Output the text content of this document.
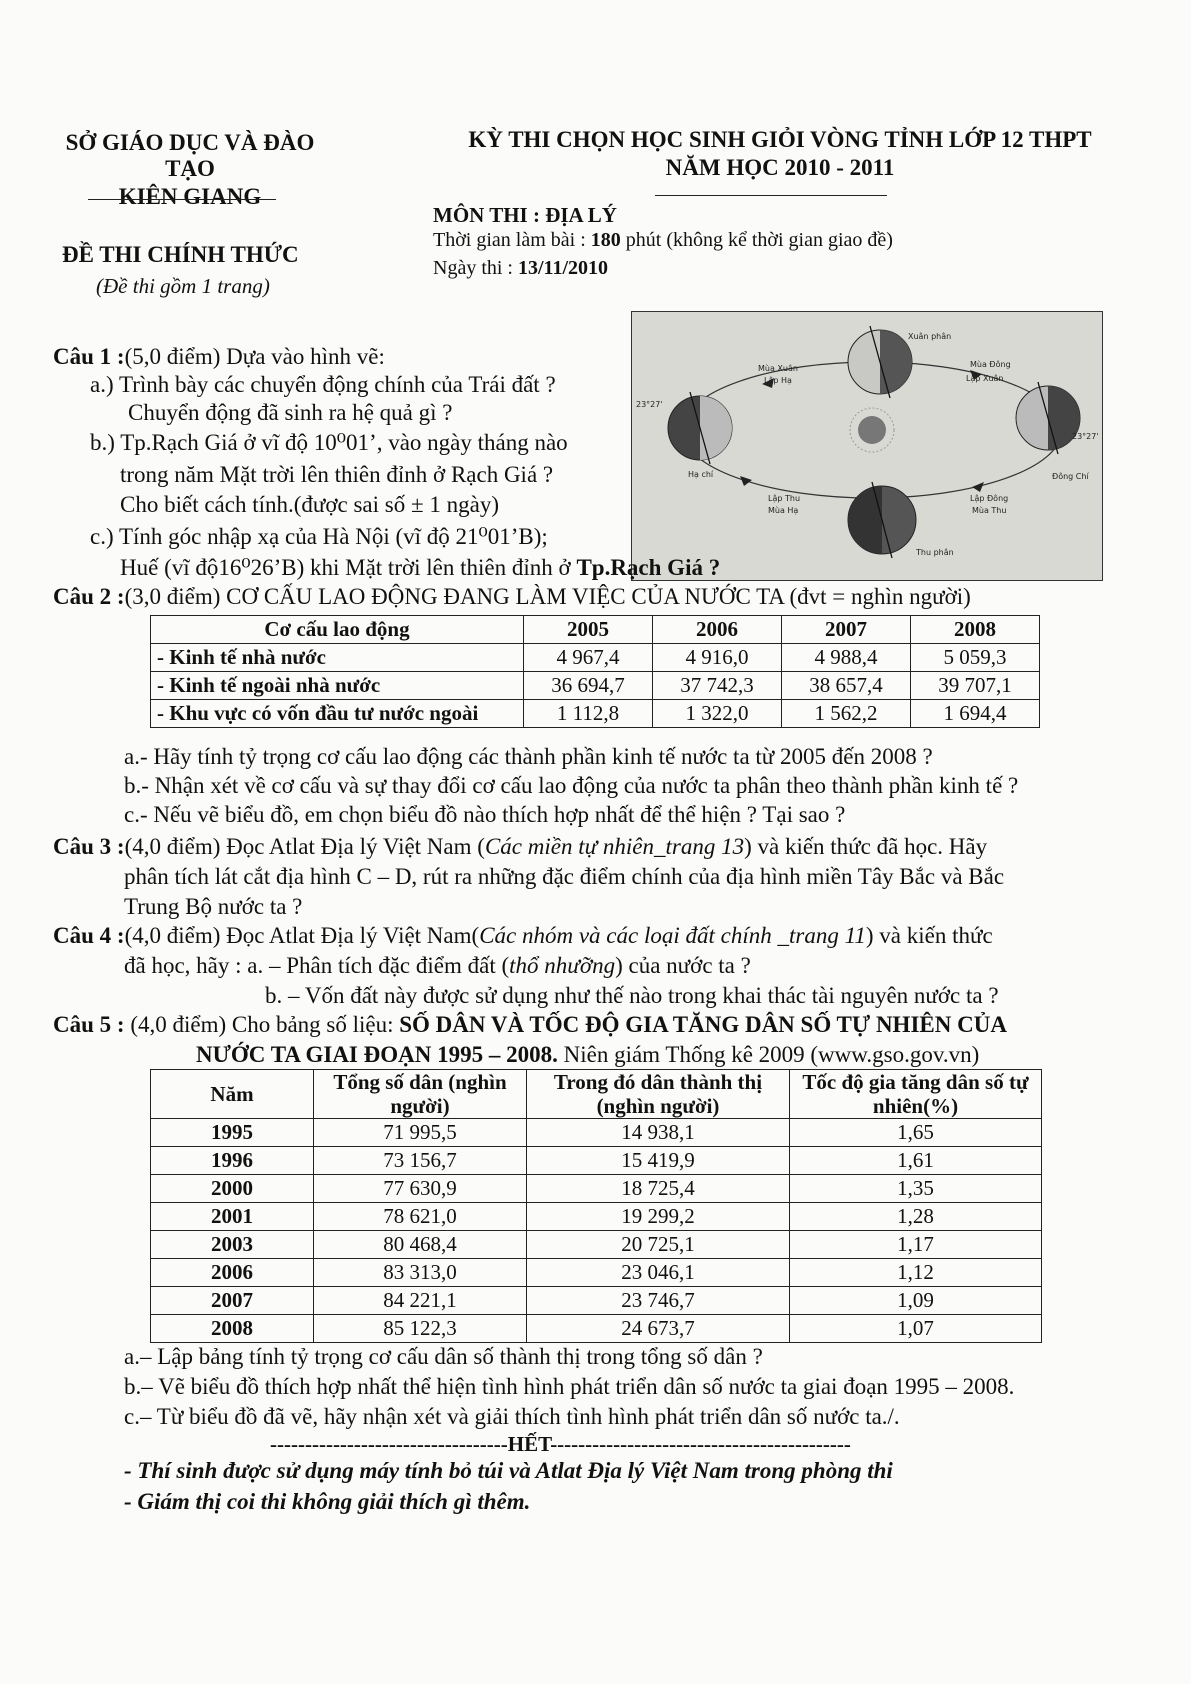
SỞ GIÁO DỤC VÀ ĐÀO TẠO
KIÊN GIANG
KỲ THI CHỌN HỌC SINH GIỎI VÒNG TỈNH LỚP 12 THPT
NĂM HỌC 2010 - 2011
ĐỀ THI CHÍNH THỨC
(Đề thi gồm 1 trang)
MÔN THI : ĐỊA LÝ
Thời gian làm bài : 180 phút (không kể thời gian giao đề)
Ngày thi : 13/11/2010
Xuân phân
Mùa Xuân
Lập Hạ
Mùa Đông
Lập Xuân
Hạ chí	Đông Chí
Lập Thu
Mùa Hạ
Lập Đông
Mùa Thu
Thu phân
23°27'
23°27'
Câu 1 :(5,0 điểm) Dựa vào hình vẽ:
a.) Trình bày các chuyển động chính của Trái đất ?
Chuyển động đã sinh ra hệ quả gì ?
b.) Tp.Rạch Giá ở vĩ độ 10⁰01’, vào ngày tháng nào
trong năm Mặt trời lên thiên đỉnh ở Rạch Giá ?
Cho biết cách tính.(được sai số ± 1 ngày)
c.) Tính góc nhập xạ của Hà Nội (vĩ độ 21⁰01’B);
Huế (vĩ độ16⁰26’B) khi Mặt trời lên thiên đỉnh ở Tp.Rạch Giá ?
Câu 2 :(3,0 điểm) CƠ CẤU LAO ĐỘNG ĐANG LÀM VIỆC CỦA NƯỚC TA (đvt = nghìn người)
Cơ cấu lao động	2005	2006	2007	2008
- Kinh tế nhà nước	4 967,4	4 916,0	4 988,4	5 059,3
- Kinh tế ngoài nhà nước	36 694,7	37 742,3	38 657,4	39 707,1
- Khu vực có vốn đầu tư nước ngoài	1 112,8	1 322,0	1 562,2	1 694,4
a.- Hãy tính tỷ trọng cơ cấu lao động các thành phần kinh tế nước ta từ 2005 đến 2008 ?
b.- Nhận xét về cơ cấu và sự thay đổi cơ cấu lao động của nước ta phân theo thành phần kinh tế ?
c.- Nếu vẽ biểu đồ, em chọn biểu đồ nào thích hợp nhất để thể hiện ? Tại sao ?
Câu 3 :(4,0 điểm) Đọc Atlat Địa lý Việt Nam (Các miền tự nhiên_trang 13) và kiến thức đã học. Hãy
phân tích lát cắt địa hình C – D, rút ra những đặc điểm chính của địa hình miền Tây Bắc và Bắc
Trung Bộ nước ta ?
Câu 4 :(4,0 điểm) Đọc Atlat Địa lý Việt Nam(Các nhóm và các loại đất chính _trang 11) và kiến thức
đã học, hãy : a. – Phân tích đặc điểm đất (thổ nhưỡng) của nước ta ?
b. – Vốn đất này được sử dụng như thế nào trong khai thác tài nguyên nước ta ?
Câu 5 : (4,0 điểm) Cho bảng số liệu: SỐ DÂN VÀ TỐC ĐỘ GIA TĂNG DÂN SỐ TỰ NHIÊN CỦA
NƯỚC TA GIAI ĐOẠN 1995 – 2008. Niên giám Thống kê 2009 (www.gso.gov.vn)
Năm	Tổng số dân (nghìn người)	Trong đó dân thành thị (nghìn người)	Tốc độ gia tăng dân số tự nhiên(%)
1995	71 995,5	14 938,1	1,65
1996	73 156,7	15 419,9	1,61
2000	77 630,9	18 725,4	1,35
2001	78 621,0	19 299,2	1,28
2003	80 468,4	20 725,1	1,17
2006	83 313,0	23 046,1	1,12
2007	84 221,1	23 746,7	1,09
2008	85 122,3	24 673,7	1,07
a.– Lập bảng tính tỷ trọng cơ cấu dân số thành thị trong tổng số dân ?
b.– Vẽ biểu đồ thích hợp nhất thể hiện tình hình phát triển dân số nước ta giai đoạn 1995 – 2008.
c.– Từ biểu đồ đã vẽ, hãy nhận xét và giải thích tình hình phát triển dân số nước ta./.
----------------------------------HẾT-------------------------------------------
- Thí sinh được sử dụng máy tính bỏ túi và Atlat Địa lý Việt Nam trong phòng thi
- Giám thị coi thi không giải thích gì thêm.
